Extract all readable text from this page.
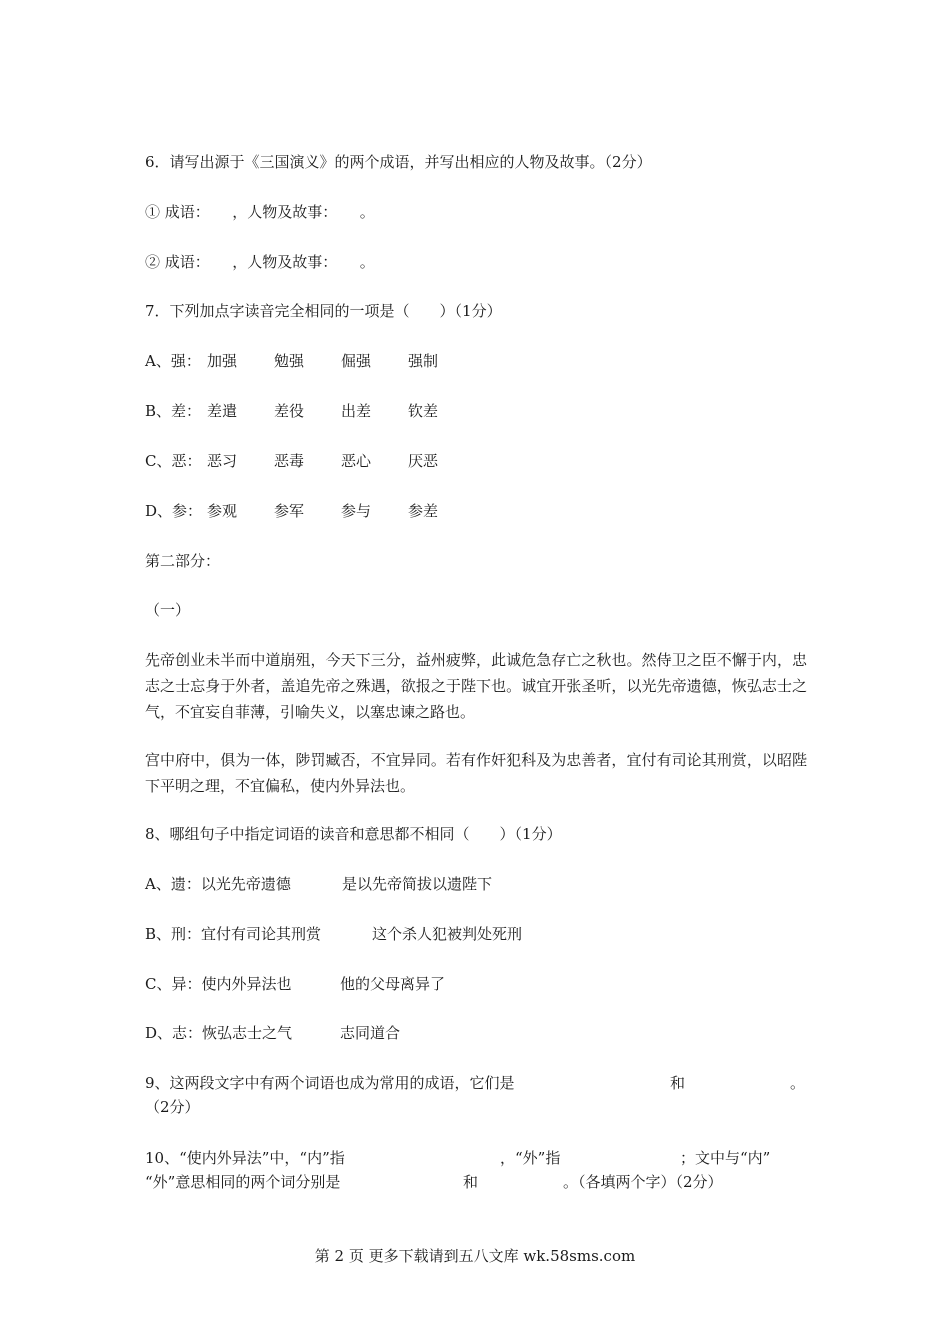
6．请写出源于《三国演义》的两个成语，并写出相应的人物及故事。（2分）
① 成语：　　，人物及故事：　　。
② 成语：　　，人物及故事：　　。
7．下列加点字读音完全相同的一项是（　　）（1分）
A、强： 加强 勉强 倔强 强制
B、差： 差遣 差役 出差 钦差
C、恶： 恶习 恶毒 恶心 厌恶
D、参： 参观 参军 参与 参差
第二部分：
（一）
先帝创业未半而中道崩殂，今天下三分，益州疲弊，此诚危急存亡之秋也。然侍卫之臣不懈于内，忠志之士忘身于外者，盖追先帝之殊遇，欲报之于陛下也。诚宜开张圣听，以光先帝遗德，恢弘志士之气，不宜妄自菲薄，引喻失义，以塞忠谏之路也。
宫中府中，俱为一体，陟罚臧否，不宜异同。若有作奸犯科及为忠善者，宜付有司论其刑赏，以昭陛下平明之理，不宜偏私，使内外异法也。
8、哪组句子中指定词语的读音和意思都不相同（　　）（1分）
A、遗：以光先帝遗德	是以先帝简拔以遗陛下
B、刑：宜付有司论其刑赏	这个杀人犯被判处死刑
C、异：使内外异法也	他的父母离异了
D、志：恢弘志士之气	志同道合
9、这两段文字中有两个词语也成为常用的成语，它们是	和	。
（2分）
10、“使内外异法”中，“内”指	，“外”指	；文中与“内”
“外”意思相同的两个词分别是	和	。（各填两个字）（2分）
第 2 页 更多下载请到五八文库 wk.58sms.com
